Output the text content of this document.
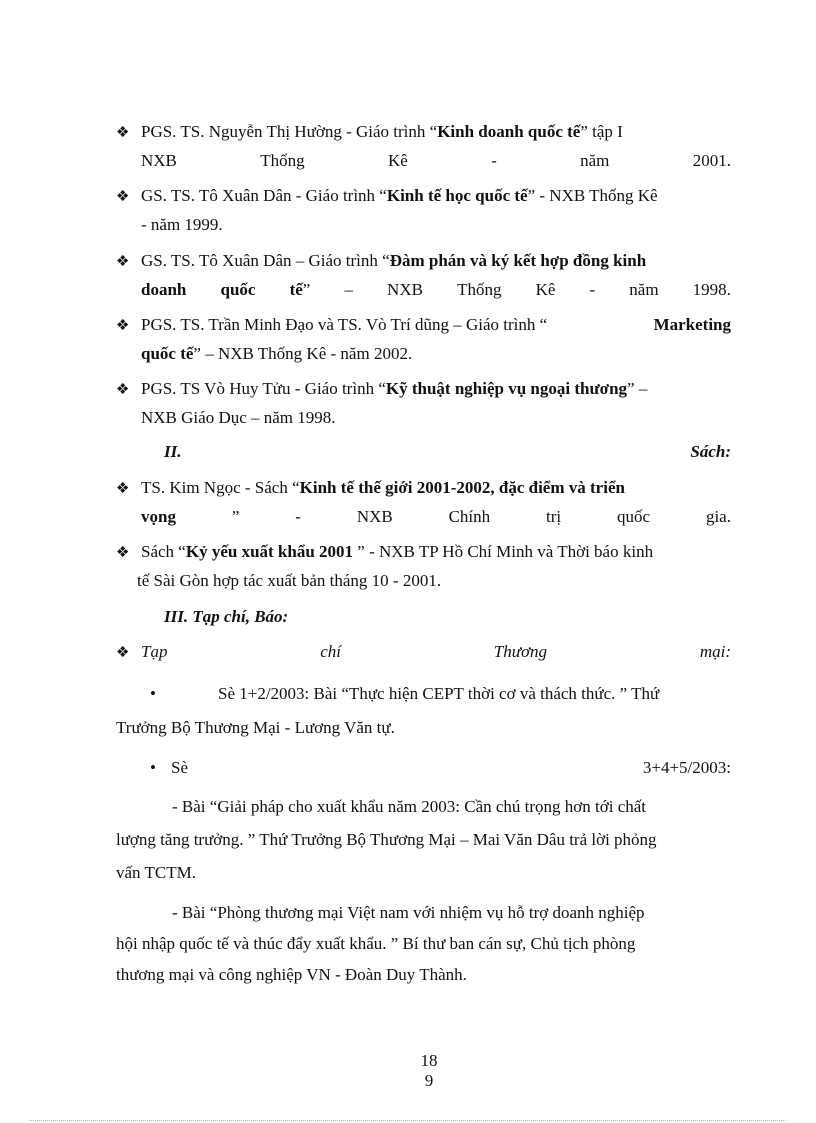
❖ PGS. TS. Nguyễn Thị Hường - Giáo trình “Kinh doanh quốc tế” tập I
NXB	Thống	Kê	-	năm	2001.
❖ GS. TS. Tô Xuân Dân - Giáo trình “Kinh tế học quốc tế” - NXB Thống Kê
- năm 1999.
❖ GS. TS. Tô Xuân Dân – Giáo trình “Đàm phán và ký kết hợp đồng kinh
doanh quốc tế” – NXB Thống Kê - năm 1998.
❖ PGS. TS. Trần Minh Đạo và TS. Vò Trí dũng – Giáo trình “	Marketing
quốc tế” – NXB Thống Kê - năm 2002.
❖ PGS. TS Vò Huy Tửu - Giáo trình “Kỹ thuật nghiệp vụ ngoại thương” –
NXB Giáo Dục – năm 1998.
II.	Sách:
❖ TS. Kim Ngọc - Sách “Kinh tế thế giới 2001-2002, đặc điểm và triển
vọng	”	-	NXB	Chính	trị	quốc	gia.
❖ Sách “Kỷ yếu xuất khẩu 2001 ” - NXB TP Hồ Chí Minh và Thời báo kinh
tế Sài Gòn hợp tác xuất bản tháng 10 - 2001.
III. Tạp chí, Báo:
❖ Tạp	chí	Thương	mại:
•	Sè 1+2/2003: Bài “Thực hiện CEPT thời cơ và thách thức. ” Thứ
Trưởng Bộ Thương Mại - Lương Văn tự.
• Sè	3+4+5/2003:
- Bài “Giải pháp cho xuất khẩu năm 2003: Cần chú trọng hơn tới chất
lượng tăng trưởng. ” Thứ Trưởng Bộ Thương Mại – Mai Văn Dâu trả lời phỏng
vấn TCTM.
- Bài “Phòng thương mại Việt nam với nhiệm vụ hỗ trợ doanh nghiệp
hội nhập quốc tế và thúc đẩy xuất khẩu. ” Bí thư ban cán sự, Chủ tịch phòng
thương mại và công nghiệp VN - Đoàn Duy Thành.
18
9
